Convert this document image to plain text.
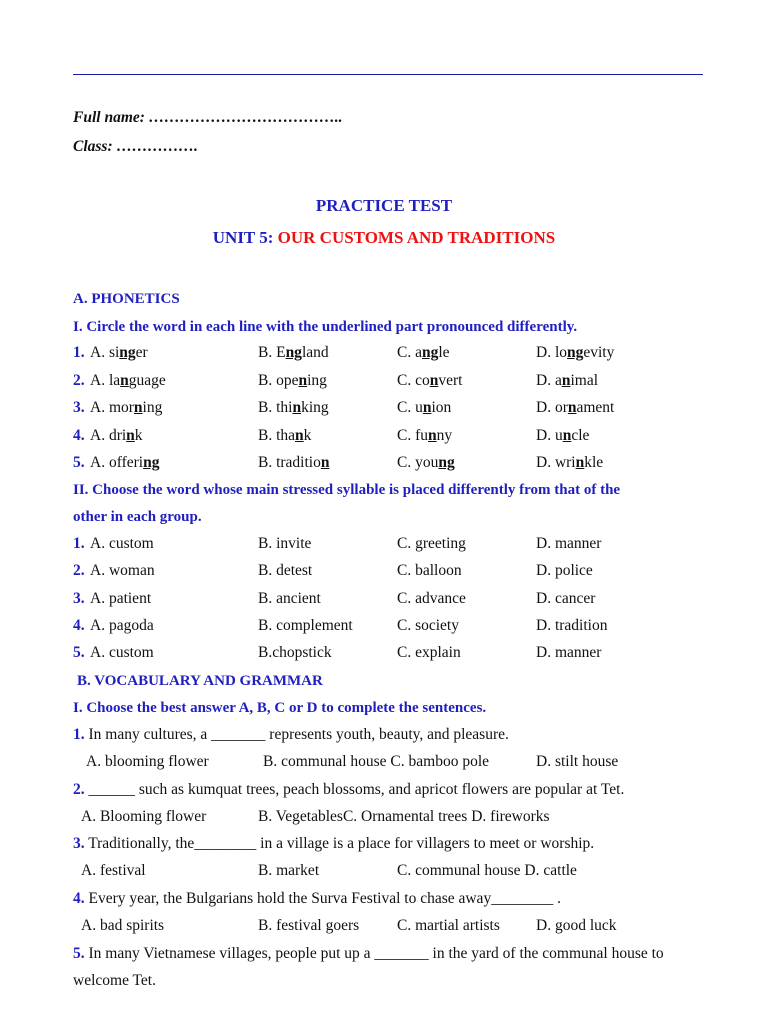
Full name: ………………………………..
Class: …………….
PRACTICE TEST
UNIT 5: OUR CUSTOMS AND TRADITIONS
A. PHONETICS
I. Circle the word in each line with the underlined part pronounced differently.
1. A. singer	B. England	C. angle	D. longevity
2. A. language	B. opening	C. convert	D. animal
3. A. morning	B. thinking	C. union	D. ornament
4. A. drink	B. thank	C. funny	D. uncle
5. A. offering	B. tradition	C. young	D. wrinkle
II. Choose the word whose main stressed syllable is placed differently from that of the
other in each group.
1. A. custom	B. invite	C. greeting	D. manner
2. A. woman	B. detest	C. balloon	D. police
3. A. patient	B. ancient	C. advance	D. cancer
4. A. pagoda	B. complement	C. society	D. tradition
5. A. custom	B.chopstick	C. explain	D. manner
B. VOCABULARY AND GRAMMAR
I. Choose the best answer A, B, C or D to complete the sentences.
1. In many cultures, a _______ represents youth, beauty, and pleasure.
A. blooming flower	B. communal house C. bamboo pole	D. stilt house
2. ______ such as kumquat trees, peach blossoms, and apricot flowers are popular at Tet.
A. Blooming flower	B. VegetablesC. Ornamental trees D. fireworks
3. Traditionally, the________ in a village is a place for villagers to meet or worship.
A. festival	B. market	C. communal house D. cattle
4. Every year, the Bulgarians hold the Surva Festival to chase away________ .
A. bad spirits	B. festival goers C. martial artists D. good luck
5. In many Vietnamese villages, people put up a _______ in the yard of the communal house to
welcome Tet.
